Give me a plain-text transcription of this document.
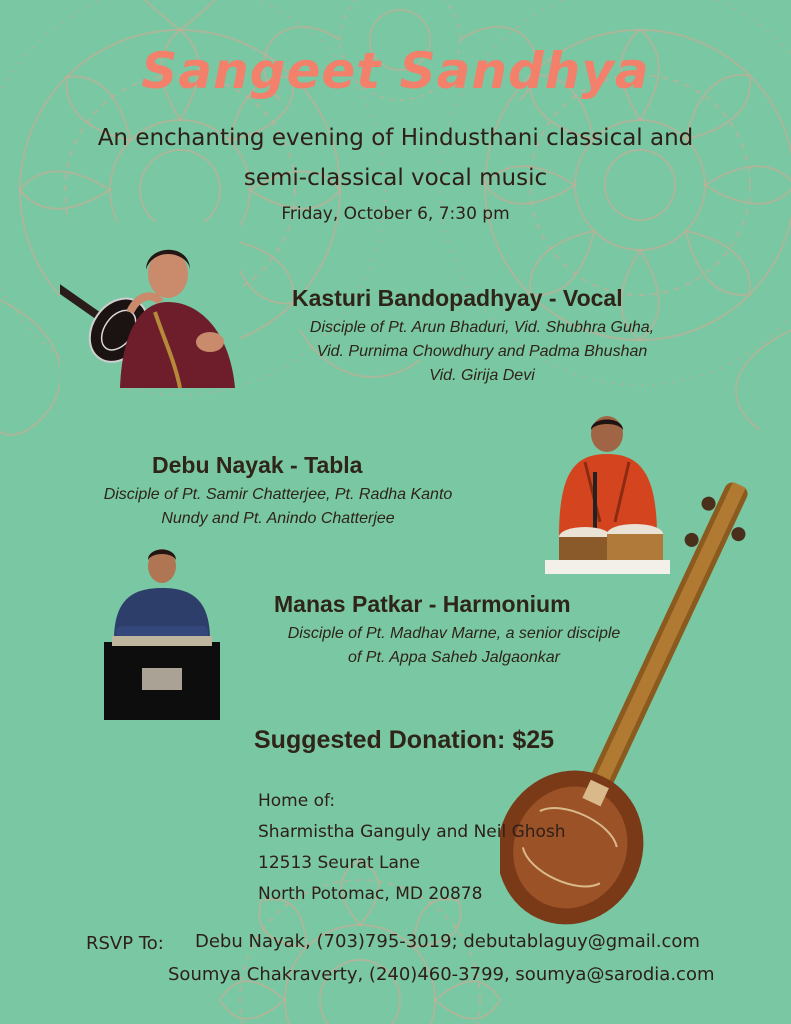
Sangeet Sandhya
An enchanting evening of Hindusthani classical and
semi-classical vocal music
Friday, October 6, 7:30 pm
Kasturi Bandopadhyay - Vocal
Disciple of Pt. Arun Bhaduri, Vid. Shubhra Guha,
Vid. Purnima Chowdhury and Padma Bhushan
Vid. Girija Devi
Debu Nayak - Tabla
Disciple of Pt. Samir Chatterjee, Pt. Radha Kanto
Nundy and Pt. Anindo Chatterjee
Manas Patkar - Harmonium
Disciple of Pt. Madhav Marne, a senior disciple
of Pt. Appa Saheb Jalgaonkar
Suggested Donation: $25
Home of:
Sharmistha Ganguly and Neil Ghosh
12513 Seurat Lane
North Potomac, MD 20878
RSVP To: Debu Nayak, (703)795-3019; debutablaguy@gmail.com
Soumya Chakraverty, (240)460-3799, soumya@sarodia.com
